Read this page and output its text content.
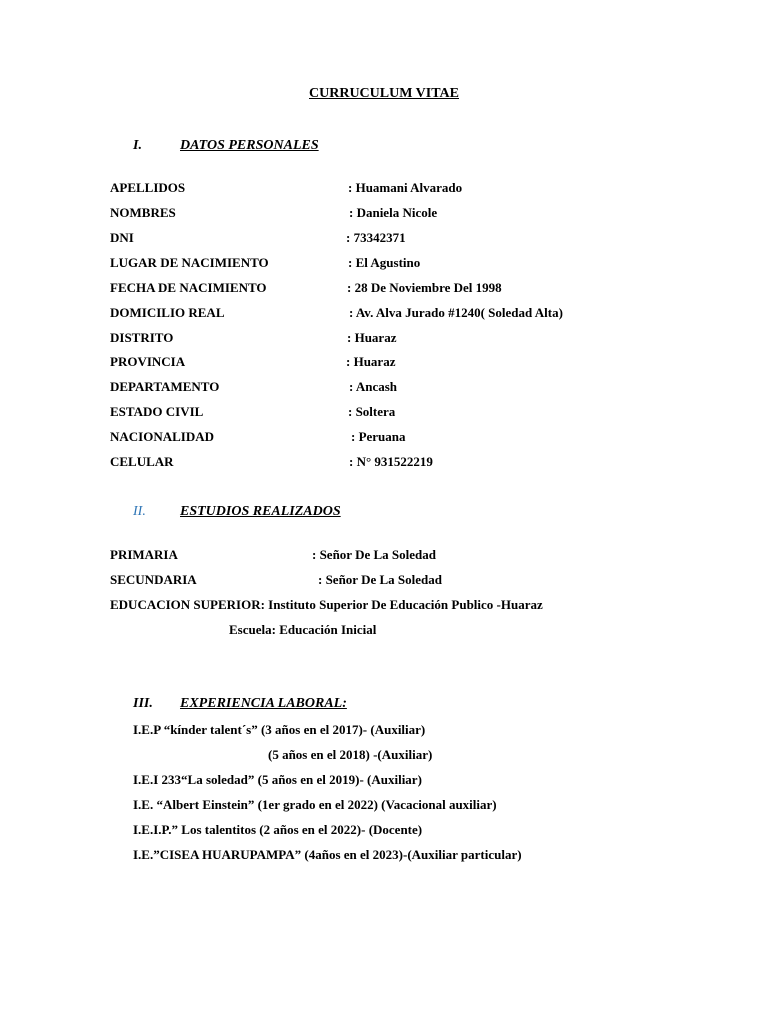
CURRUCULUM VITAE
I.	DATOS PERSONALES
APELLIDOS	: Huamani Alvarado
NOMBRES	: Daniela Nicole
DNI	: 73342371
LUGAR DE NACIMIENTO	: El Agustino
FECHA DE NACIMIENTO	: 28 De Noviembre Del 1998
DOMICILIO REAL	: Av. Alva Jurado #1240( Soledad Alta)
DISTRITO	: Huaraz
PROVINCIA	: Huaraz
DEPARTAMENTO	: Ancash
ESTADO CIVIL	: Soltera
NACIONALIDAD	: Peruana
CELULAR	: N° 931522219
II. ESTUDIOS REALIZADOS
PRIMARIA	: Señor De La Soledad
SECUNDARIA	: Señor De La Soledad
EDUCACION SUPERIOR: Instituto Superior De Educación Publico -Huaraz
Escuela: Educación Inicial
III. EXPERIENCIA LABORAL:
I.E.P “kínder talent´s” (3 años en el 2017)- (Auxiliar)
(5 años en el 2018) -(Auxiliar)
I.E.I 233“La soledad” (5 años en el 2019)- (Auxiliar)
I.E. “Albert Einstein” (1er grado en el 2022) (Vacacional auxiliar)
I.E.I.P.” Los talentitos (2 años en el 2022)- (Docente)
I.E.”CISEA HUARUPAMPA” (4años en el 2023)-(Auxiliar particular)
